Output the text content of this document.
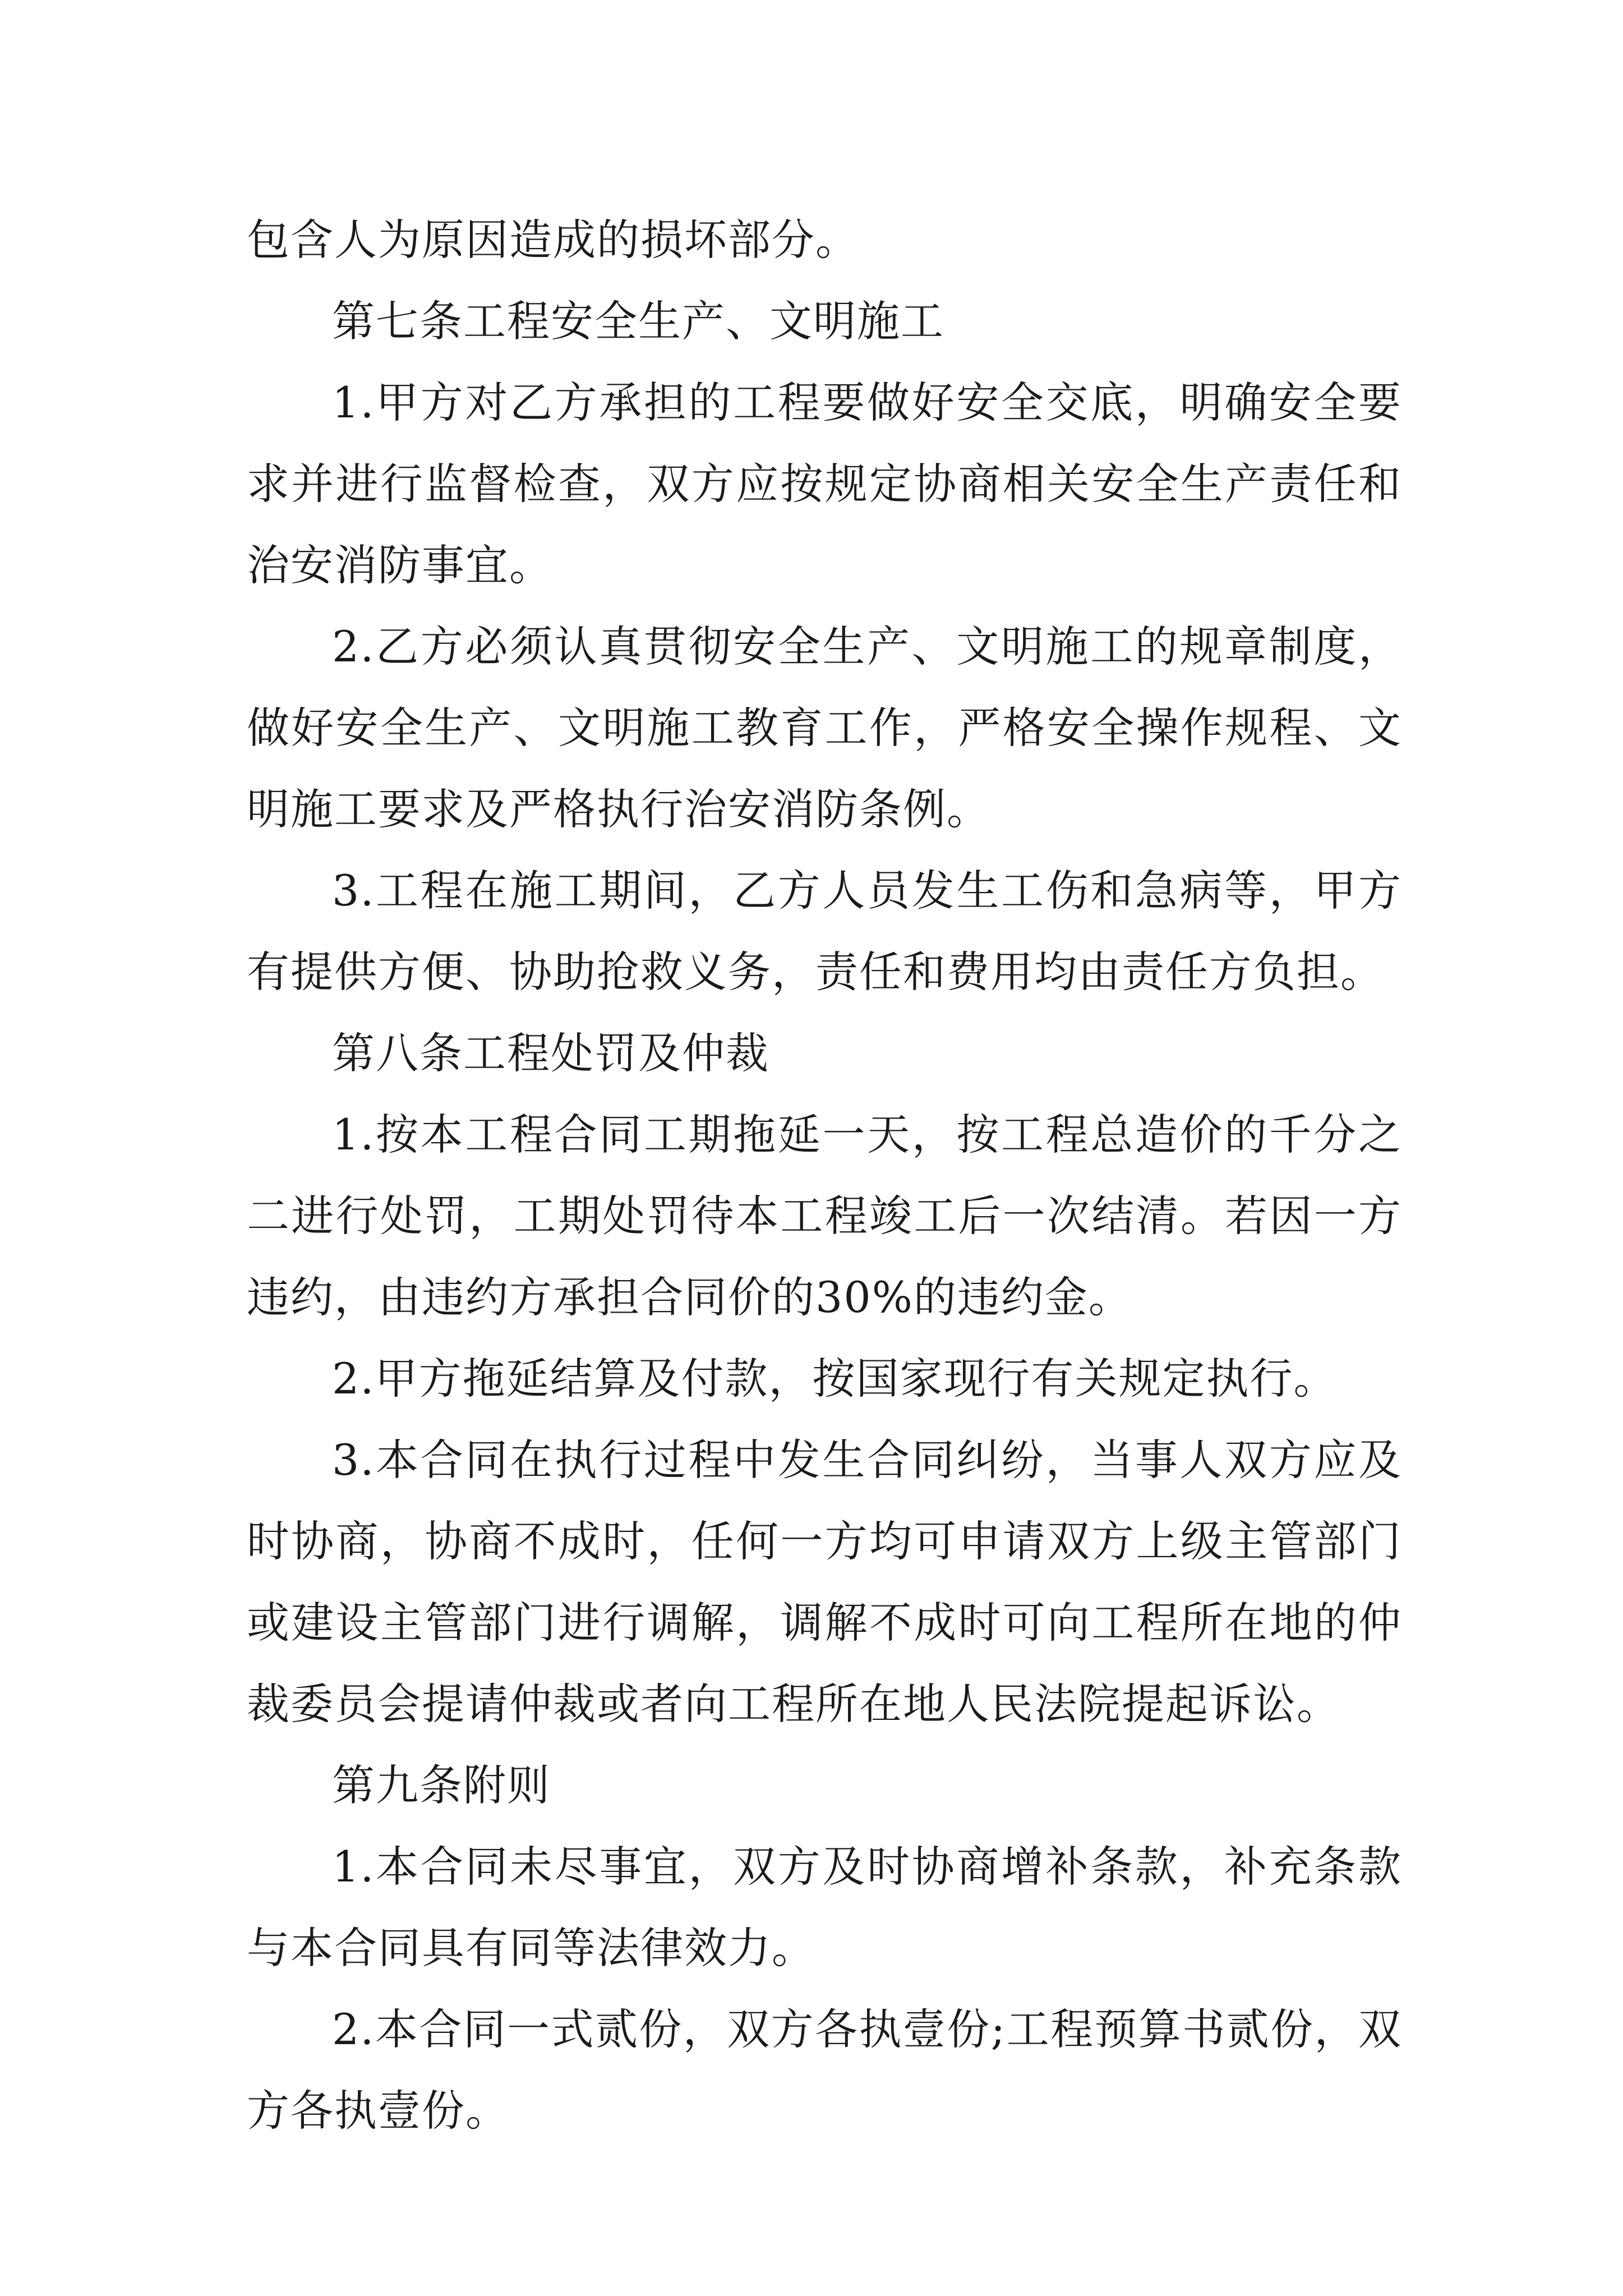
包含人为原因造成的损坏部分。

第七条工程安全生产、文明施工

1.甲方对乙方承担的工程要做好安全交底，明确安全要求并进行监督检查，双方应按规定协商相关安全生产责任和治安消防事宜。

2.乙方必须认真贯彻安全生产、文明施工的规章制度，做好安全生产、文明施工教育工作，严格安全操作规程、文明施工要求及严格执行治安消防条例。

3.工程在施工期间，乙方人员发生工伤和急病等，甲方有提供方便、协助抢救义务，责任和费用均由责任方负担。

第八条工程处罚及仲裁

1.按本工程合同工期拖延一天，按工程总造价的千分之二进行处罚，工期处罚待本工程竣工后一次结清。若因一方违约，由违约方承担合同价的30%的违约金。

2.甲方拖延结算及付款，按国家现行有关规定执行。

3.本合同在执行过程中发生合同纠纷，当事人双方应及时协商，协商不成时，任何一方均可申请双方上级主管部门或建设主管部门进行调解，调解不成时可向工程所在地的仲裁委员会提请仲裁或者向工程所在地人民法院提起诉讼。

第九条附则

1.本合同未尽事宜，双方及时协商增补条款，补充条款与本合同具有同等法律效力。

2.本合同一式贰份，双方各执壹份;工程预算书贰份，双方各执壹份。
